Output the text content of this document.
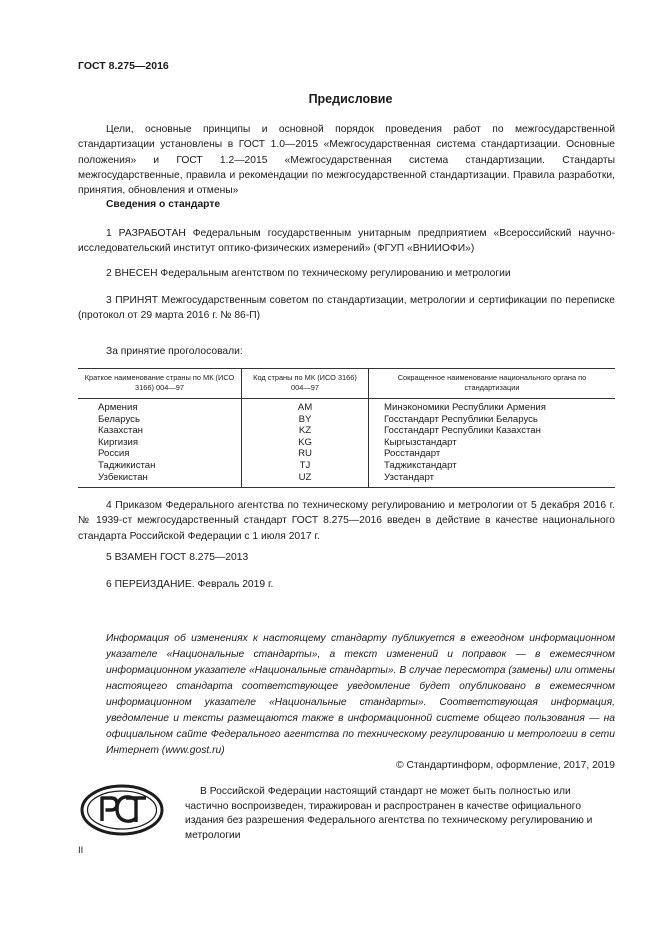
ГОСТ 8.275—2016
Предисловие

Цели, основные принципы и основной порядок проведения работ по межгосударственной стандартизации установлены в ГОСТ 1.0—2015 «Межгосударственная система стандартизации. Основные положения» и ГОСТ 1.2—2015 «Межгосударственная система стандартизации. Стандарты межгосударственные, правила и рекомендации по межгосударственной стандартизации. Правила разработки, принятия, обновления и отмены»

Сведения о стандарте

1 РАЗРАБОТАН Федеральным государственным унитарным предприятием «Всероссийский научно-исследовательский институт оптико-физических измерений» (ФГУП «ВНИИОФИ»)

2 ВНЕСЕН Федеральным агентством по техническому регулированию и метрологии

3 ПРИНЯТ Межгосударственным советом по стандартизации, метрологии и сертификации по переписке (протокол от 29 марта 2016 г. № 86-П)

За принятие проголосовали:
Краткое наименование страны по МК (ИСО 3166) 004—97	Код страны по МК (ИСО 3166) 004—97	Сокращенное наименование национального органа по стандартизации
Армения	AM	Минэкономики Республики Армения
Беларусь	BY	Госстандарт Республики Беларусь
Казахстан	KZ	Госстандарт Республики Казахстан
Киргизия	KG	Кыргызстандарт
Россия	RU	Росстандарт
Таджикистан	TJ	Таджикстандарт
Узбекистан	UZ	Узстандарт

4 Приказом Федерального агентства по техническому регулированию и метрологии от 5 декабря 2016 г. № 1939-ст межгосударственный стандарт ГОСТ 8.275—2016 введен в действие в качестве национального стандарта Российской Федерации с 1 июля 2017 г.

5 ВЗАМЕН ГОСТ 8.275—2013

6 ПЕРЕИЗДАНИЕ. Февраль 2019 г.

Информация об изменениях к настоящему стандарту публикуется в ежегодном информационном указателе «Национальные стандарты», а текст изменений и поправок — в ежемесячном информационном указателе «Национальные стандарты». В случае пересмотра (замены) или отмены настоящего стандарта соответствующее уведомление будет опубликовано в ежемесячном информационном указателе «Национальные стандарты». Соответствующая информация, уведомление и тексты размещаются также в информационной системе общего пользования — на официальном сайте Федерального агентства по техническому регулированию и метрологии в сети Интернет (www.gost.ru)

© Стандартинформ, оформление, 2017, 2019

В Российской Федерации настоящий стандарт не может быть полностью или частично воспроизведен, тиражирован и распространен в качестве официального издания без разрешения Федерального агентства по техническому регулированию и метрологии

II
